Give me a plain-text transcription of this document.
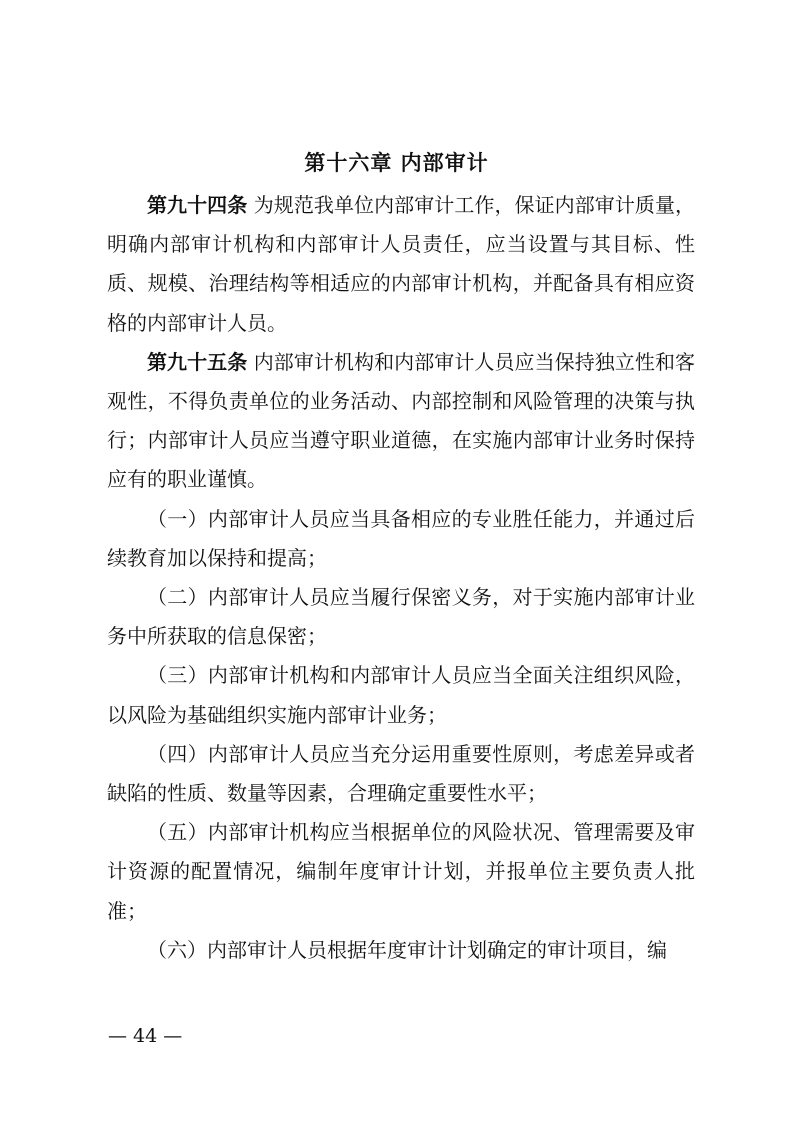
第十六章 内部审计

第九十四条 为规范我单位内部审计工作，保证内部审计质量，明确内部审计机构和内部审计人员责任，应当设置与其目标、性质、规模、治理结构等相适应的内部审计机构，并配备具有相应资格的内部审计人员。

第九十五条 内部审计机构和内部审计人员应当保持独立性和客观性，不得负责单位的业务活动、内部控制和风险管理的决策与执行；内部审计人员应当遵守职业道德，在实施内部审计业务时保持应有的职业谨慎。

（一）内部审计人员应当具备相应的专业胜任能力，并通过后续教育加以保持和提高；

（二）内部审计人员应当履行保密义务，对于实施内部审计业务中所获取的信息保密；

（三）内部审计机构和内部审计人员应当全面关注组织风险，以风险为基础组织实施内部审计业务；

（四）内部审计人员应当充分运用重要性原则，考虑差异或者缺陷的性质、数量等因素，合理确定重要性水平；

（五）内部审计机构应当根据单位的风险状况、管理需要及审计资源的配置情况，编制年度审计计划，并报单位主要负责人批准；

（六）内部审计人员根据年度审计计划确定的审计项目，编

— 44 —
